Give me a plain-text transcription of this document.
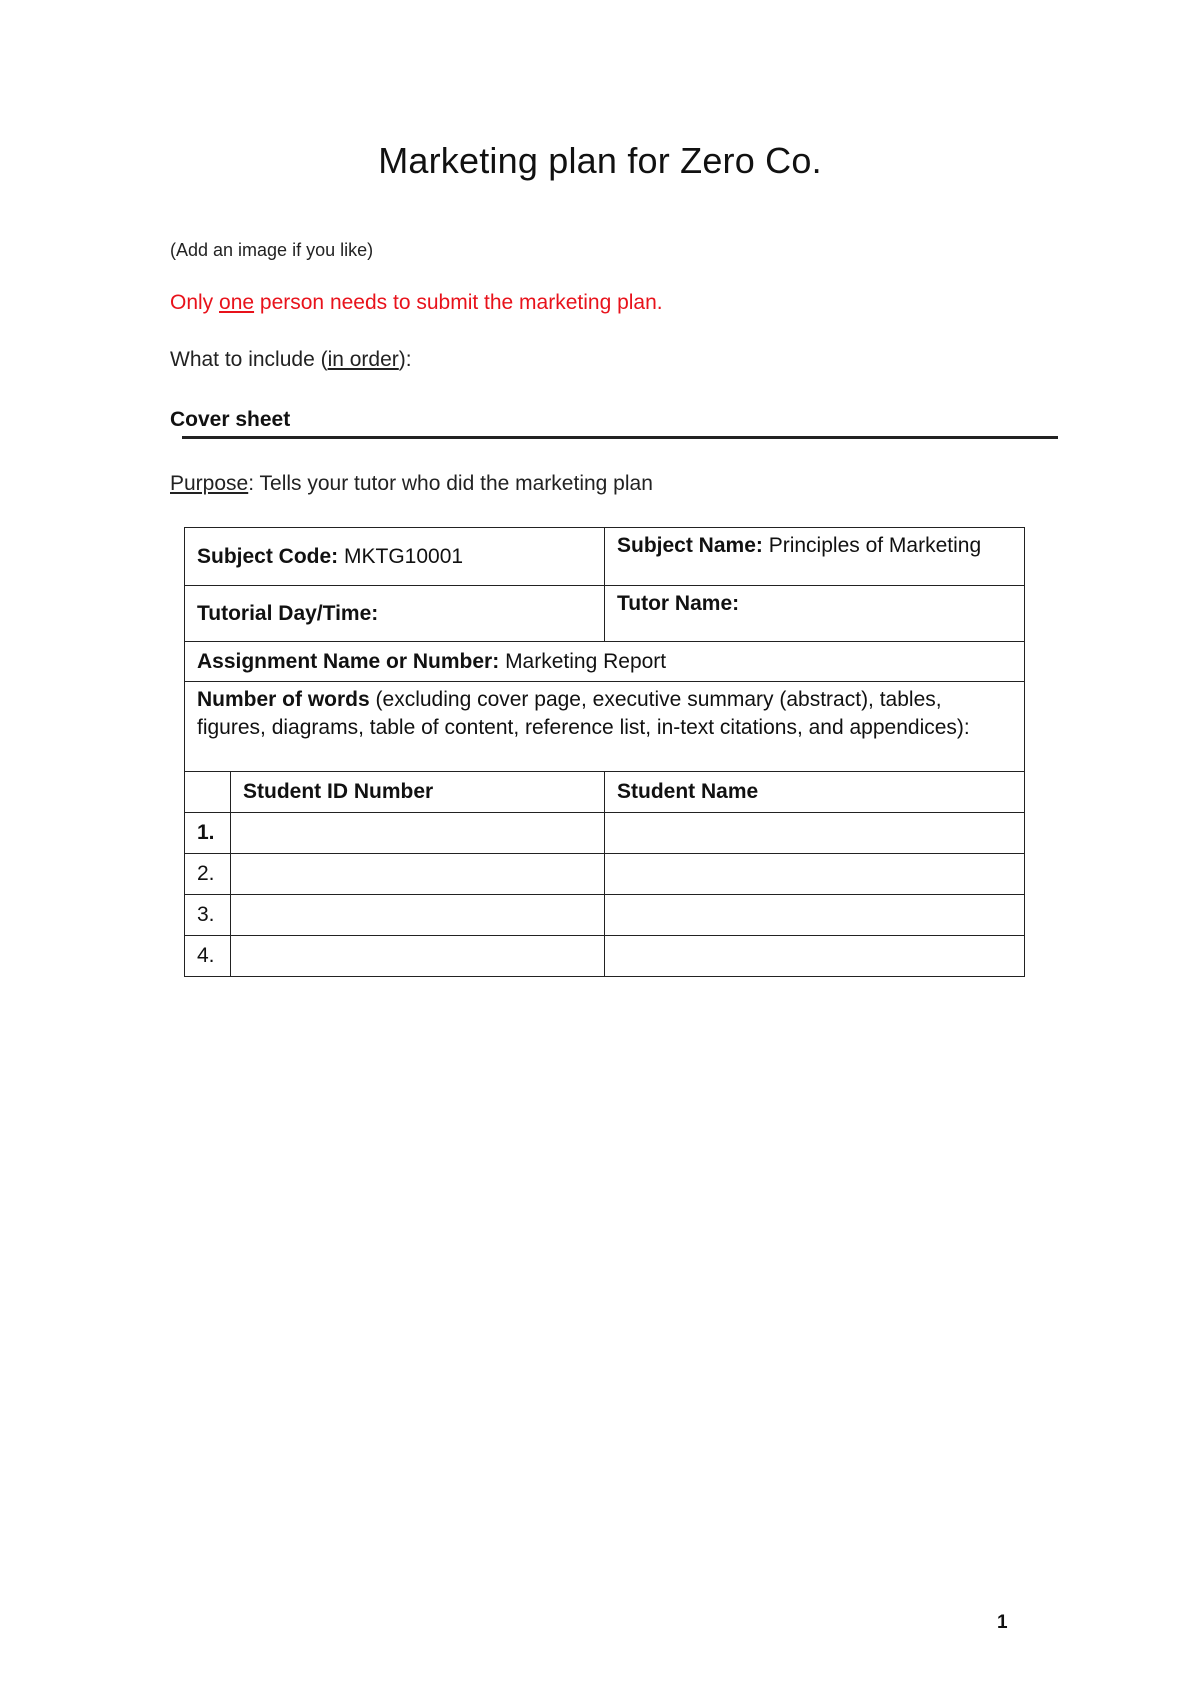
Marketing plan for Zero Co.
(Add an image if you like)
Only one person needs to submit the marketing plan.
What to include (in order):
Cover sheet
Purpose: Tells your tutor who did the marketing plan
Subject Code: MKTG10001		Subject Name: Principles of Marketing
Tutorial Day/Time:		Tutor Name:
Assignment Name or Number: Marketing Report		
Number of words (excluding cover page, executive summary (abstract), tables, figures, diagrams, table of content, reference list, in-text citations, and appendices):		
	Student ID Number	Student Name
1.		
2.		
3.		
4.		
1
